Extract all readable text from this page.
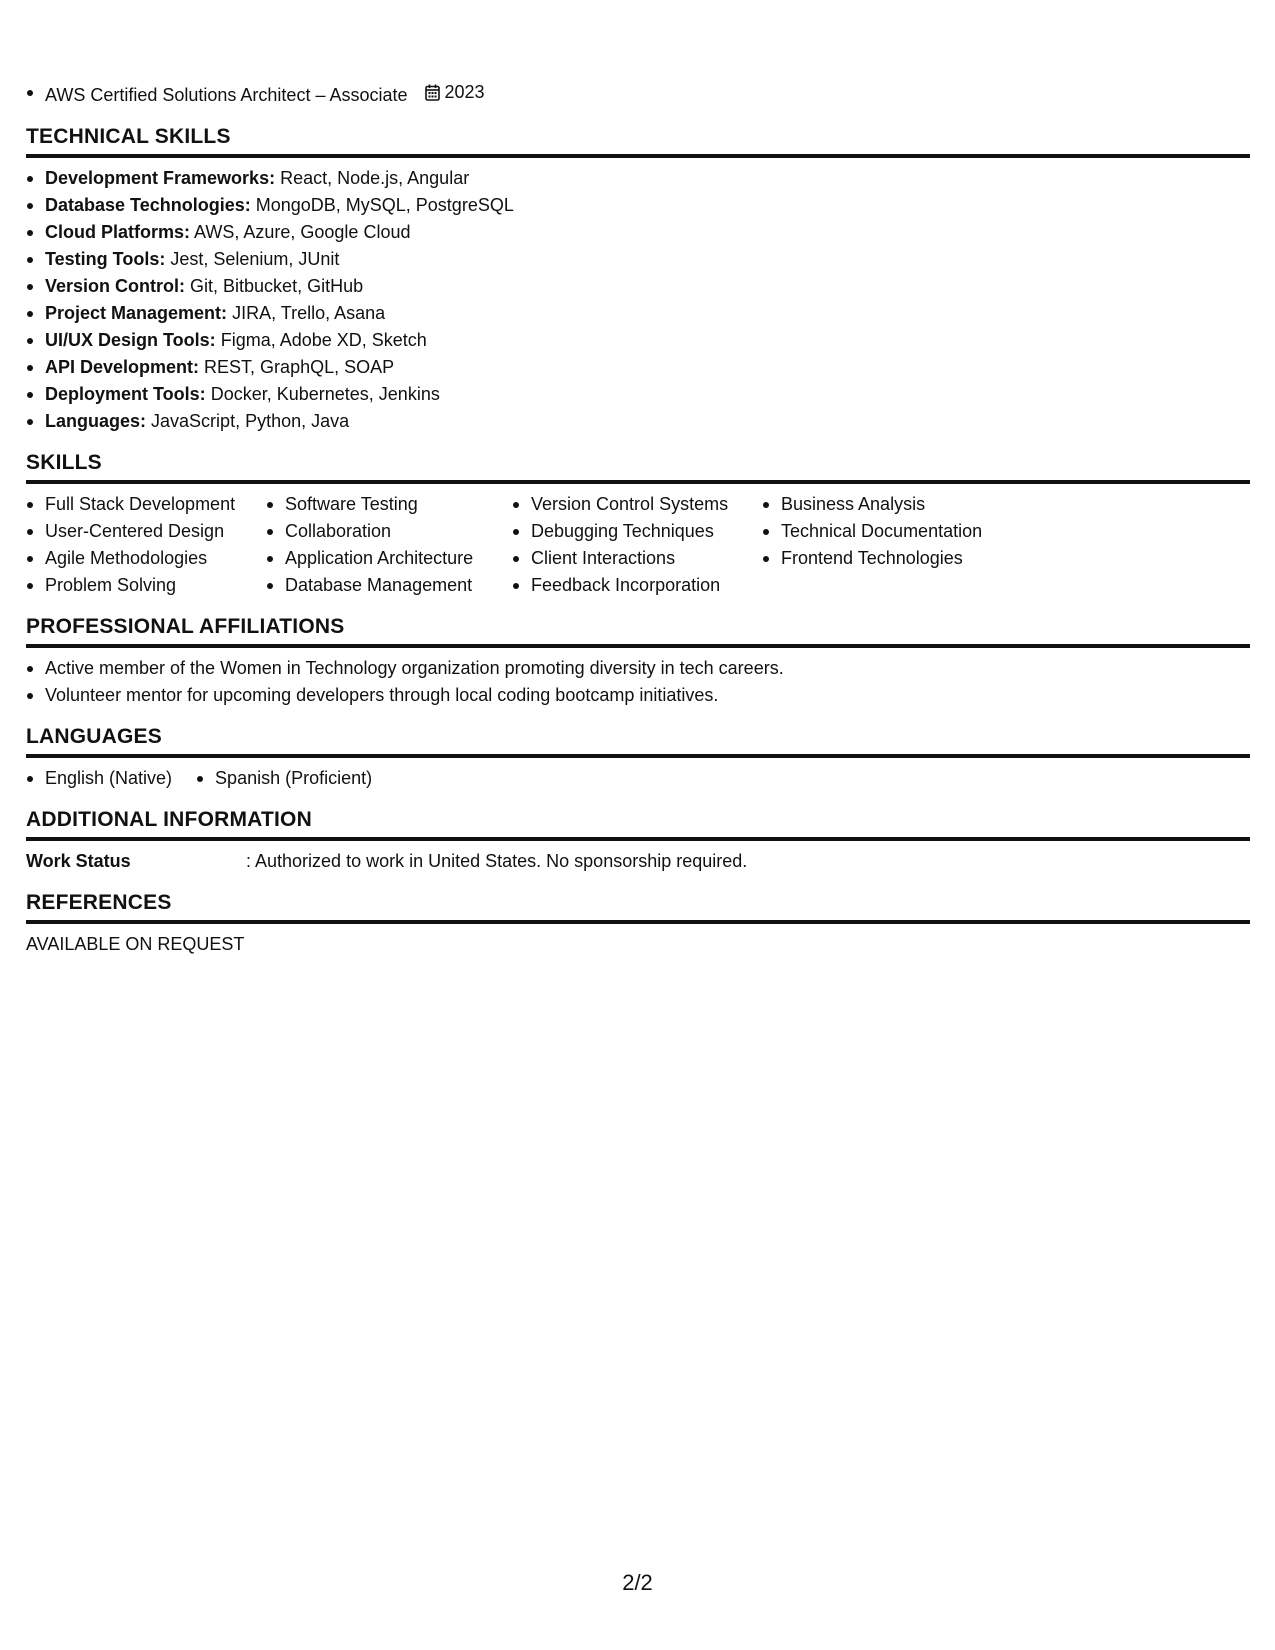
AWS Certified Solutions Architect – Associate 2023
TECHNICAL SKILLS
Development Frameworks: React, Node.js, Angular
Database Technologies: MongoDB, MySQL, PostgreSQL
Cloud Platforms: AWS, Azure, Google Cloud
Testing Tools: Jest, Selenium, JUnit
Version Control: Git, Bitbucket, GitHub
Project Management: JIRA, Trello, Asana
UI/UX Design Tools: Figma, Adobe XD, Sketch
API Development: REST, GraphQL, SOAP
Deployment Tools: Docker, Kubernetes, Jenkins
Languages: JavaScript, Python, Java
SKILLS
Full Stack Development
User-Centered Design
Agile Methodologies
Problem Solving
Software Testing
Collaboration
Application Architecture
Database Management
Version Control Systems
Debugging Techniques
Client Interactions
Feedback Incorporation
Business Analysis
Technical Documentation
Frontend Technologies
PROFESSIONAL AFFILIATIONS
Active member of the Women in Technology organization promoting diversity in tech careers.
Volunteer mentor for upcoming developers through local coding bootcamp initiatives.
LANGUAGES
English (Native)	Spanish (Proficient)
ADDITIONAL INFORMATION
Work Status	: Authorized to work in United States. No sponsorship required.
REFERENCES
AVAILABLE ON REQUEST
2/2
